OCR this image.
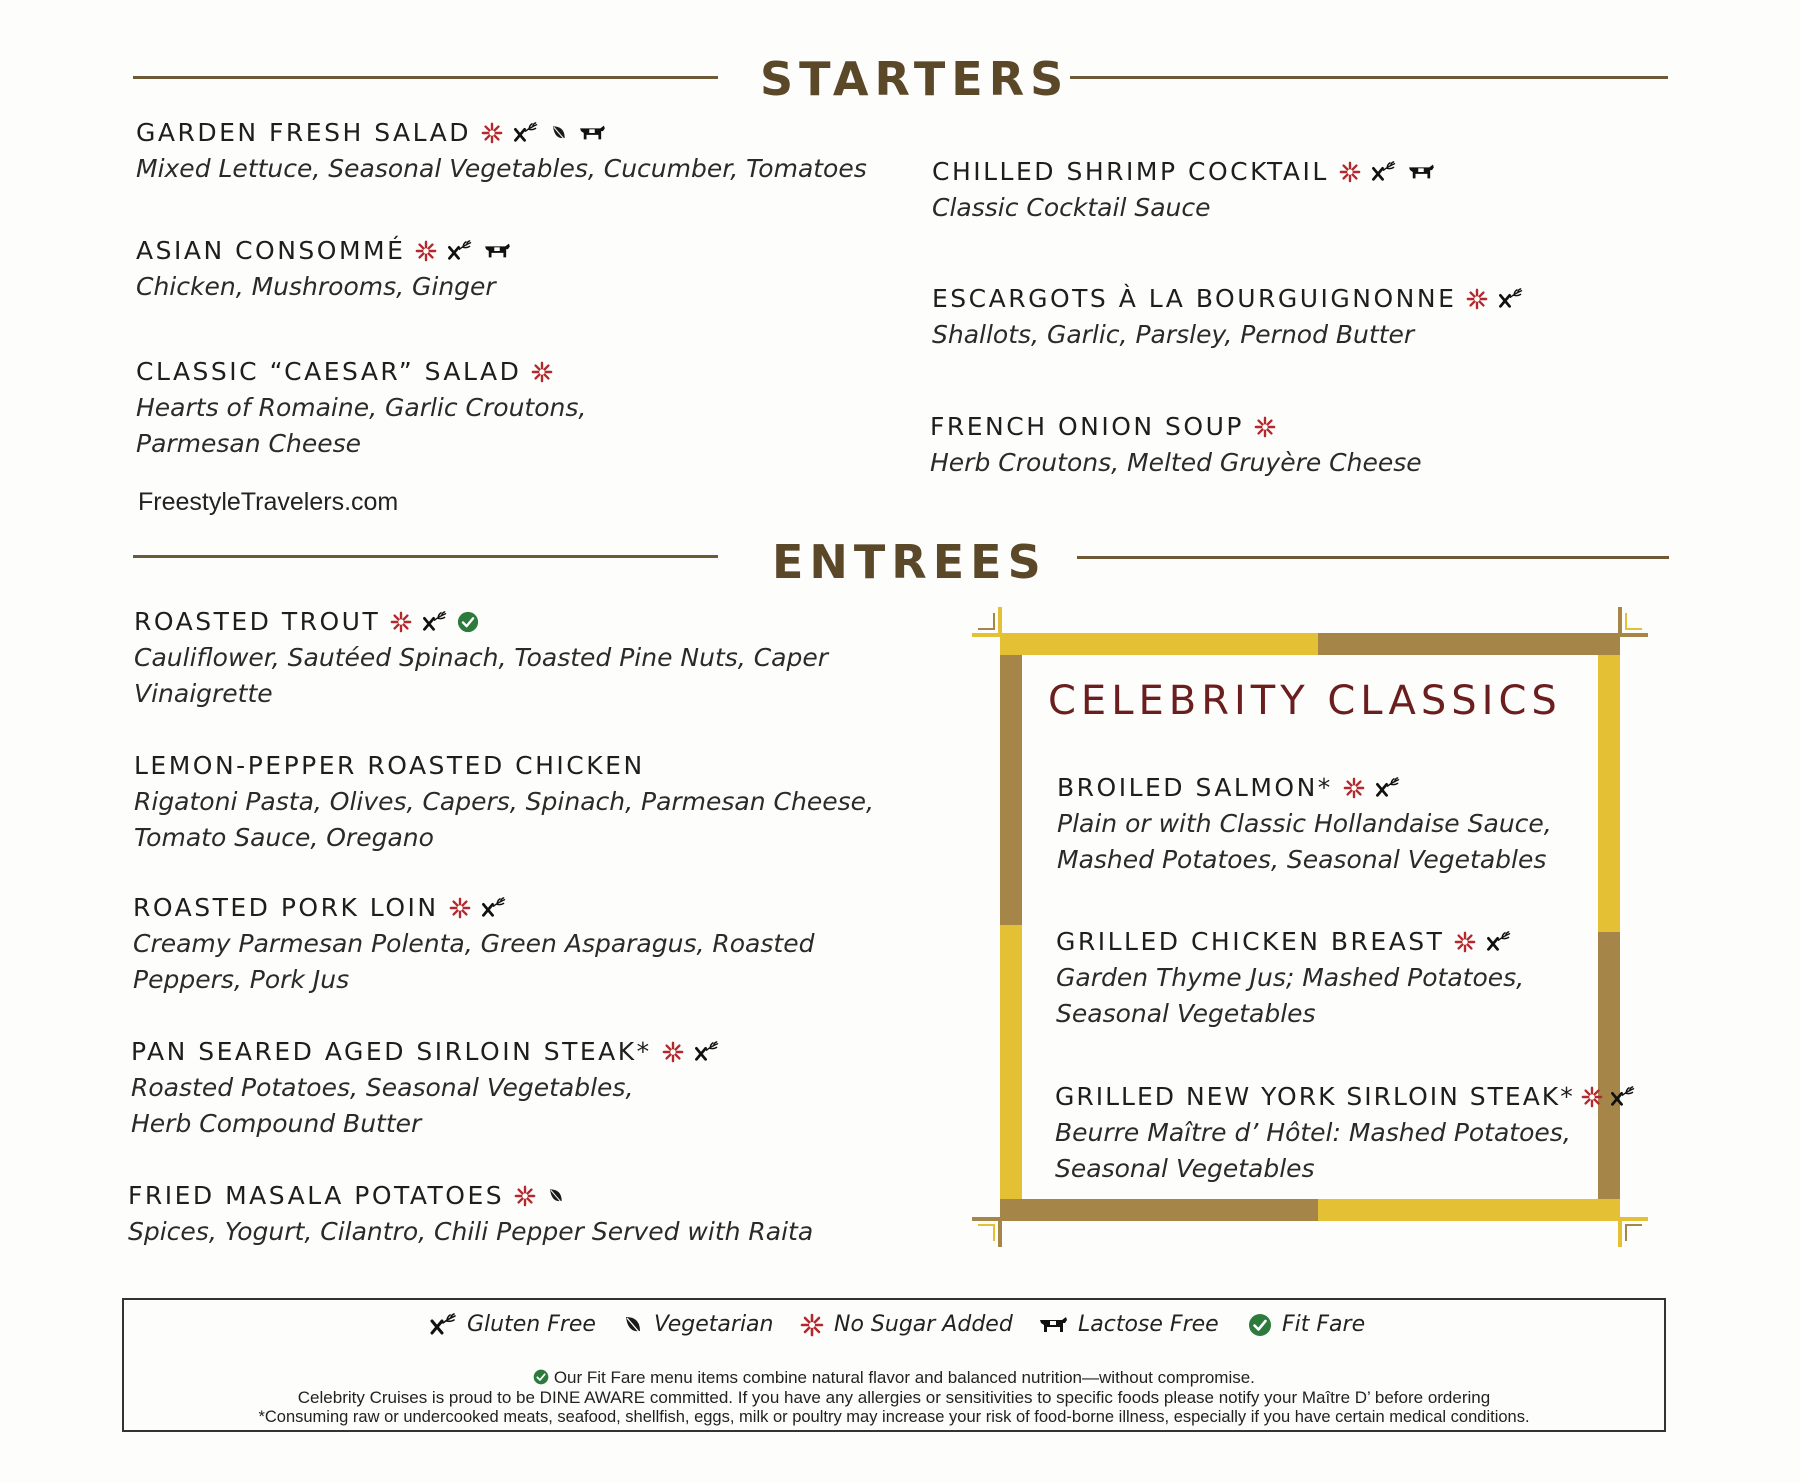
STARTERS
GARDEN FRESH SALAD
Mixed Lettuce, Seasonal Vegetables, Cucumber, Tomatoes
ASIAN CONSOMMÉ
Chicken, Mushrooms, Ginger
CLASSIC “CAESAR” SALAD
Hearts of Romaine, Garlic Croutons,
Parmesan Cheese
FreestyleTravelers.com
CHILLED SHRIMP COCKTAIL
Classic Cocktail Sauce
ESCARGOTS À LA BOURGUIGNONNE
Shallots, Garlic, Parsley, Pernod Butter
FRENCH ONION SOUP
Herb Croutons, Melted Gruyère Cheese
ENTREES
ROASTED TROUT
Cauliflower, Sautéed Spinach, Toasted Pine Nuts, Caper
Vinaigrette
LEMON-PEPPER ROASTED CHICKEN
Rigatoni Pasta, Olives, Capers, Spinach, Parmesan Cheese,
Tomato Sauce, Oregano
ROASTED PORK LOIN
Creamy Parmesan Polenta, Green Asparagus, Roasted
Peppers, Pork Jus
PAN SEARED AGED SIRLOIN STEAK*
Roasted Potatoes, Seasonal Vegetables,
Herb Compound Butter
FRIED MASALA POTATOES
Spices, Yogurt, Cilantro, Chili Pepper Served with Raita
CELEBRITY CLASSICS
BROILED SALMON*
Plain or with Classic Hollandaise Sauce,
Mashed Potatoes, Seasonal Vegetables
GRILLED CHICKEN BREAST
Garden Thyme Jus; Mashed Potatoes,
Seasonal Vegetables
GRILLED NEW YORK SIRLOIN STEAK*
Beurre Maître d’ Hôtel: Mashed Potatoes,
Seasonal Vegetables
Gluten Free	Vegetarian	No Sugar Added	Lactose Free	Fit Fare
Our Fit Fare menu items combine natural flavor and balanced nutrition—without compromise.
Celebrity Cruises is proud to be DINE AWARE committed. If you have any allergies or sensitivities to specific foods please notify your Maître D’ before ordering
*Consuming raw or undercooked meats, seafood, shellfish, eggs, milk or poultry may increase your risk of food-borne illness, especially if you have certain medical conditions.
